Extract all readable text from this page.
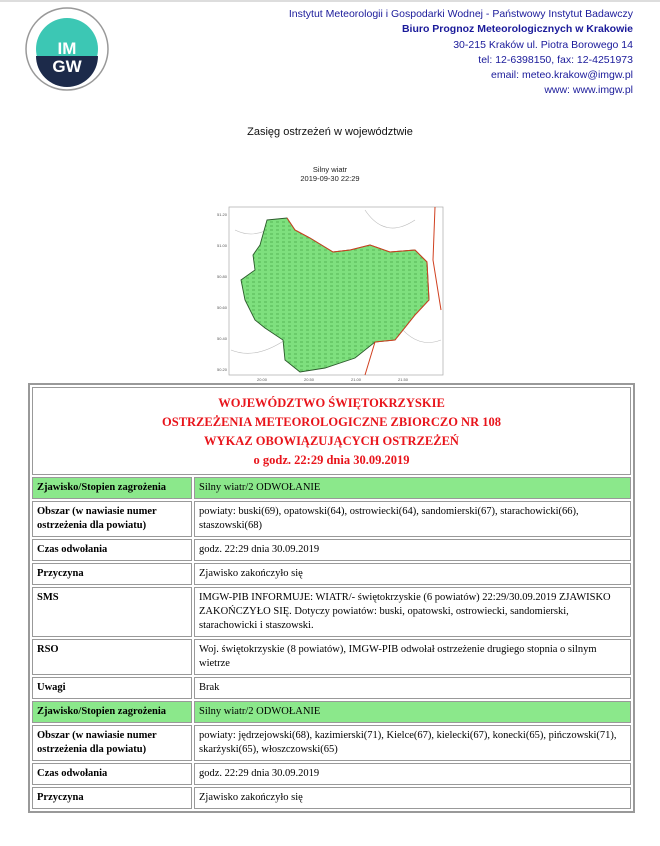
IM
GW
Instytut Meteorologii i Gospodarki Wodnej - Państwowy Instytut Badawczy
Biuro Prognoz Meteorologicznych w Krakowie
30-215 Kraków ul. Piotra Borowego 14
tel: 12-6398150, fax: 12-4251973
email: meteo.krakow@imgw.pl
www: www.imgw.pl
Zasięg ostrzeżeń w województwie
Silny wiatr
2019-09-30 22:29
51.20
51.00
50.80
50.60
50.40
50.20
20.00	20.50	21.00	21.50
WOJEWÓDZTWO ŚWIĘTOKRZYSKIE
OSTRZEŻENIA METEOROLOGICZNE ZBIORCZO NR 108
WYKAZ OBOWIĄZUJĄCYCH OSTRZEŻEŃ
o godz. 22:29 dnia 30.09.2019	

Zjawisko/Stopien zagrożenia	Silny wiatr/2 ODWOŁANIE
Obszar (w nawiasie numer ostrzeżenia dla powiatu)	powiaty: buski(69), opatowski(64), ostrowiecki(64), sandomierski(67), starachowicki(66), staszowski(68)
Czas odwołania	godz. 22:29 dnia 30.09.2019
Przyczyna	Zjawisko zakończyło się
SMS	IMGW-PIB INFORMUJE: WIATR/- świętokrzyskie (6 powiatów) 22:29/30.09.2019 ZJAWISKO ZAKOŃCZYŁO SIĘ. Dotyczy powiatów: buski, opatowski, ostrowiecki, sandomierski, starachowicki i staszowski.
RSO	Woj. świętokrzyskie (8 powiatów), IMGW-PIB odwołał ostrzeżenie drugiego stopnia o silnym wietrze
Uwagi	Brak
Zjawisko/Stopien zagrożenia	Silny wiatr/2 ODWOŁANIE
Obszar (w nawiasie numer ostrzeżenia dla powiatu)	powiaty: jędrzejowski(68), kazimierski(71), Kielce(67), kielecki(67), konecki(65), pińczowski(71), skarżyski(65), włoszczowski(65)
Czas odwołania	godz. 22:29 dnia 30.09.2019
Przyczyna	Zjawisko zakończyło się
